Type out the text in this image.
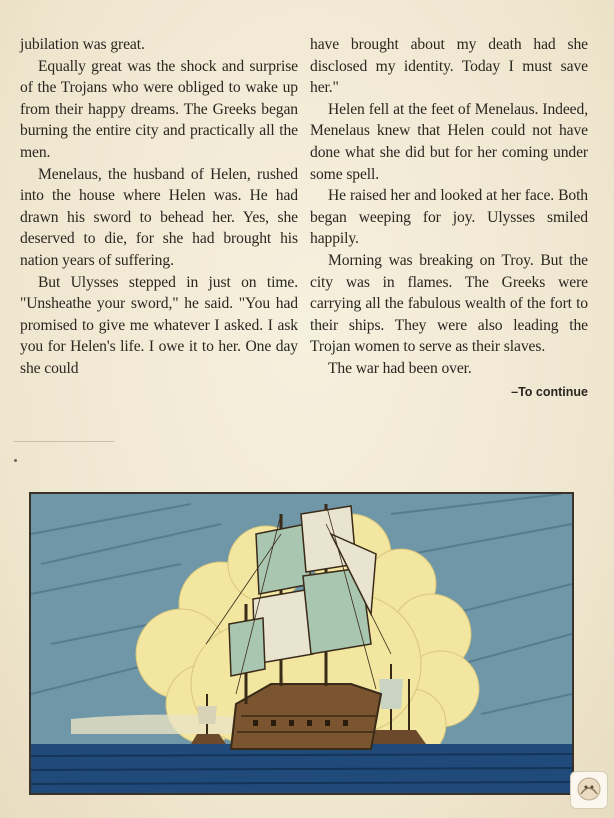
jubilation was great.

Equally great was the shock and surprise of the Trojans who were obliged to wake up from their happy dreams. The Greeks began burning the entire city and practically all the men.

Menelaus, the husband of Helen, rushed into the house where Helen was. He had drawn his sword to behead her. Yes, she deserved to die, for she had brought his nation years of suffering.

But Ulysses stepped in just on time. "Unsheathe your sword," he said. "You had promised to give me whatever I asked. I ask you for Helen's life. I owe it to her. One day she could

have brought about my death had she disclosed my identity. Today I must save her."

Helen fell at the feet of Menelaus. Indeed, Menelaus knew that Helen could not have done what she did but for her coming under some spell.

He raised her and looked at her face. Both began weeping for joy. Ulysses smiled happily.

Morning was breaking on Troy. But the city was in flames. The Greeks were carrying all the fabulous wealth of the fort to their ships. They were also leading the Trojan women to serve as their slaves.

The war had been over.

–To continue
